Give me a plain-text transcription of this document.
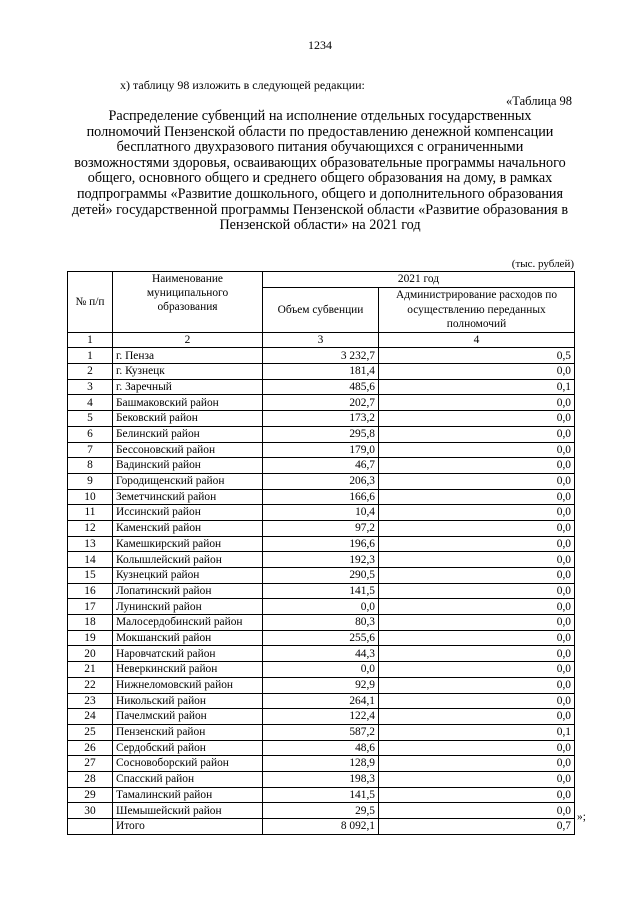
1234
х) таблицу 98 изложить в следующей редакции:
«Таблица 98
Распределение субвенций на исполнение отдельных государственных полномочий Пензенской области по предоставлению денежной компенсации бесплатного двухразового питания обучающихся с ограниченными возможностями здоровья, осваивающих образовательные программы начального общего, основного общего и среднего общего образования на дому, в рамках подпрограммы «Развитие дошкольного, общего и дополнительного образования детей» государственной программы Пензенской области «Развитие образования в Пензенской области» на 2021 год
(тыс. рублей)
№ п/п	Наименование муниципального образования	2021 год	
		Объем субвенции	Администрирование расходов по осуществлению переданных полномочий
1	2	3	4
1	г. Пенза	3 232,7	0,5
2	г. Кузнецк	181,4	0,0
3	г. Заречный	485,6	0,1
4	Башмаковский район	202,7	0,0
5	Бековский район	173,2	0,0
6	Белинский район	295,8	0,0
7	Бессоновский район	179,0	0,0
8	Вадинский район	46,7	0,0
9	Городищенский район	206,3	0,0
10	Земетчинский район	166,6	0,0
11	Иссинский район	10,4	0,0
12	Каменский район	97,2	0,0
13	Камешкирский район	196,6	0,0
14	Колышлейский район	192,3	0,0
15	Кузнецкий район	290,5	0,0
16	Лопатинский район	141,5	0,0
17	Лунинский район	0,0	0,0
18	Малосердобинский район	80,3	0,0
19	Мокшанский район	255,6	0,0
20	Наровчатский район	44,3	0,0
21	Неверкинский район	0,0	0,0
22	Нижнеломовский район	92,9	0,0
23	Никольский район	264,1	0,0
24	Пачелмский район	122,4	0,0
25	Пензенский район	587,2	0,1
26	Сердобский район	48,6	0,0
27	Сосновоборский район	128,9	0,0
28	Спасский район	198,3	0,0
29	Тамалинский район	141,5	0,0
30	Шемышейский район	29,5	0,0
	Итого	8 092,1	0,7
»;
